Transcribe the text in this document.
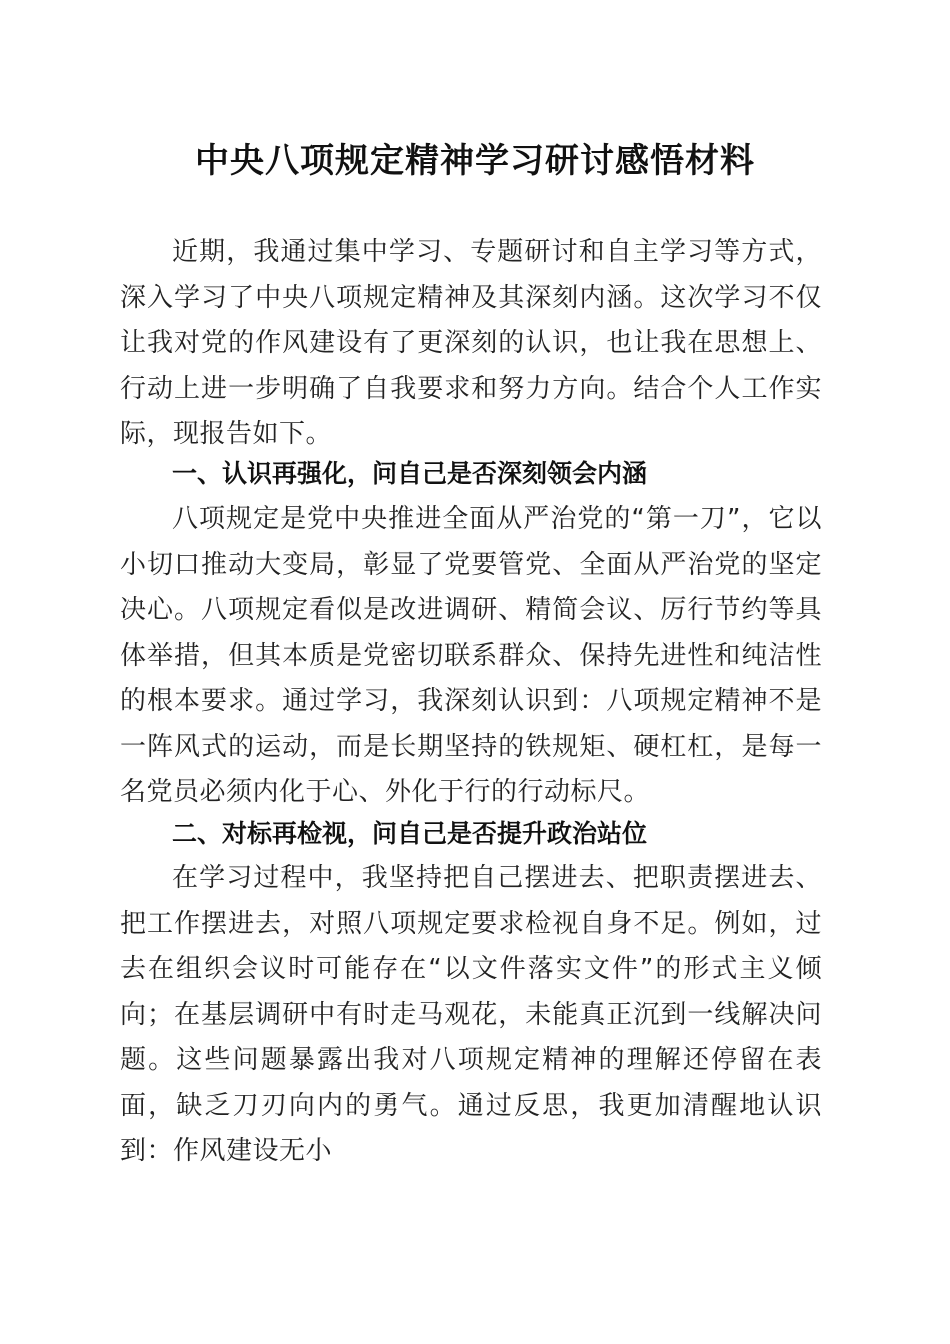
中央八项规定精神学习研讨感悟材料

近期，我通过集中学习、专题研讨和自主学习等方式，深入学习了中央八项规定精神及其深刻内涵。这次学习不仅让我对党的作风建设有了更深刻的认识，也让我在思想上、行动上进一步明确了自我要求和努力方向。结合个人工作实际，现报告如下。

一、认识再强化，问自己是否深刻领会内涵

八项规定是党中央推进全面从严治党的“第一刀”，它以小切口推动大变局，彰显了党要管党、全面从严治党的坚定决心。八项规定看似是改进调研、精简会议、厉行节约等具体举措，但其本质是党密切联系群众、保持先进性和纯洁性的根本要求。通过学习，我深刻认识到：八项规定精神不是一阵风式的运动，而是长期坚持的铁规矩、硬杠杠，是每一名党员必须内化于心、外化于行的行动标尺。

二、对标再检视，问自己是否提升政治站位

在学习过程中，我坚持把自己摆进去、把职责摆进去、把工作摆进去，对照八项规定要求检视自身不足。例如，过去在组织会议时可能存在“以文件落实文件”的形式主义倾向；在基层调研中有时走马观花，未能真正沉到一线解决问题。这些问题暴露出我对八项规定精神的理解还停留在表面，缺乏刀刃向内的勇气。通过反思，我更加清醒地认识到：作风建设无小
